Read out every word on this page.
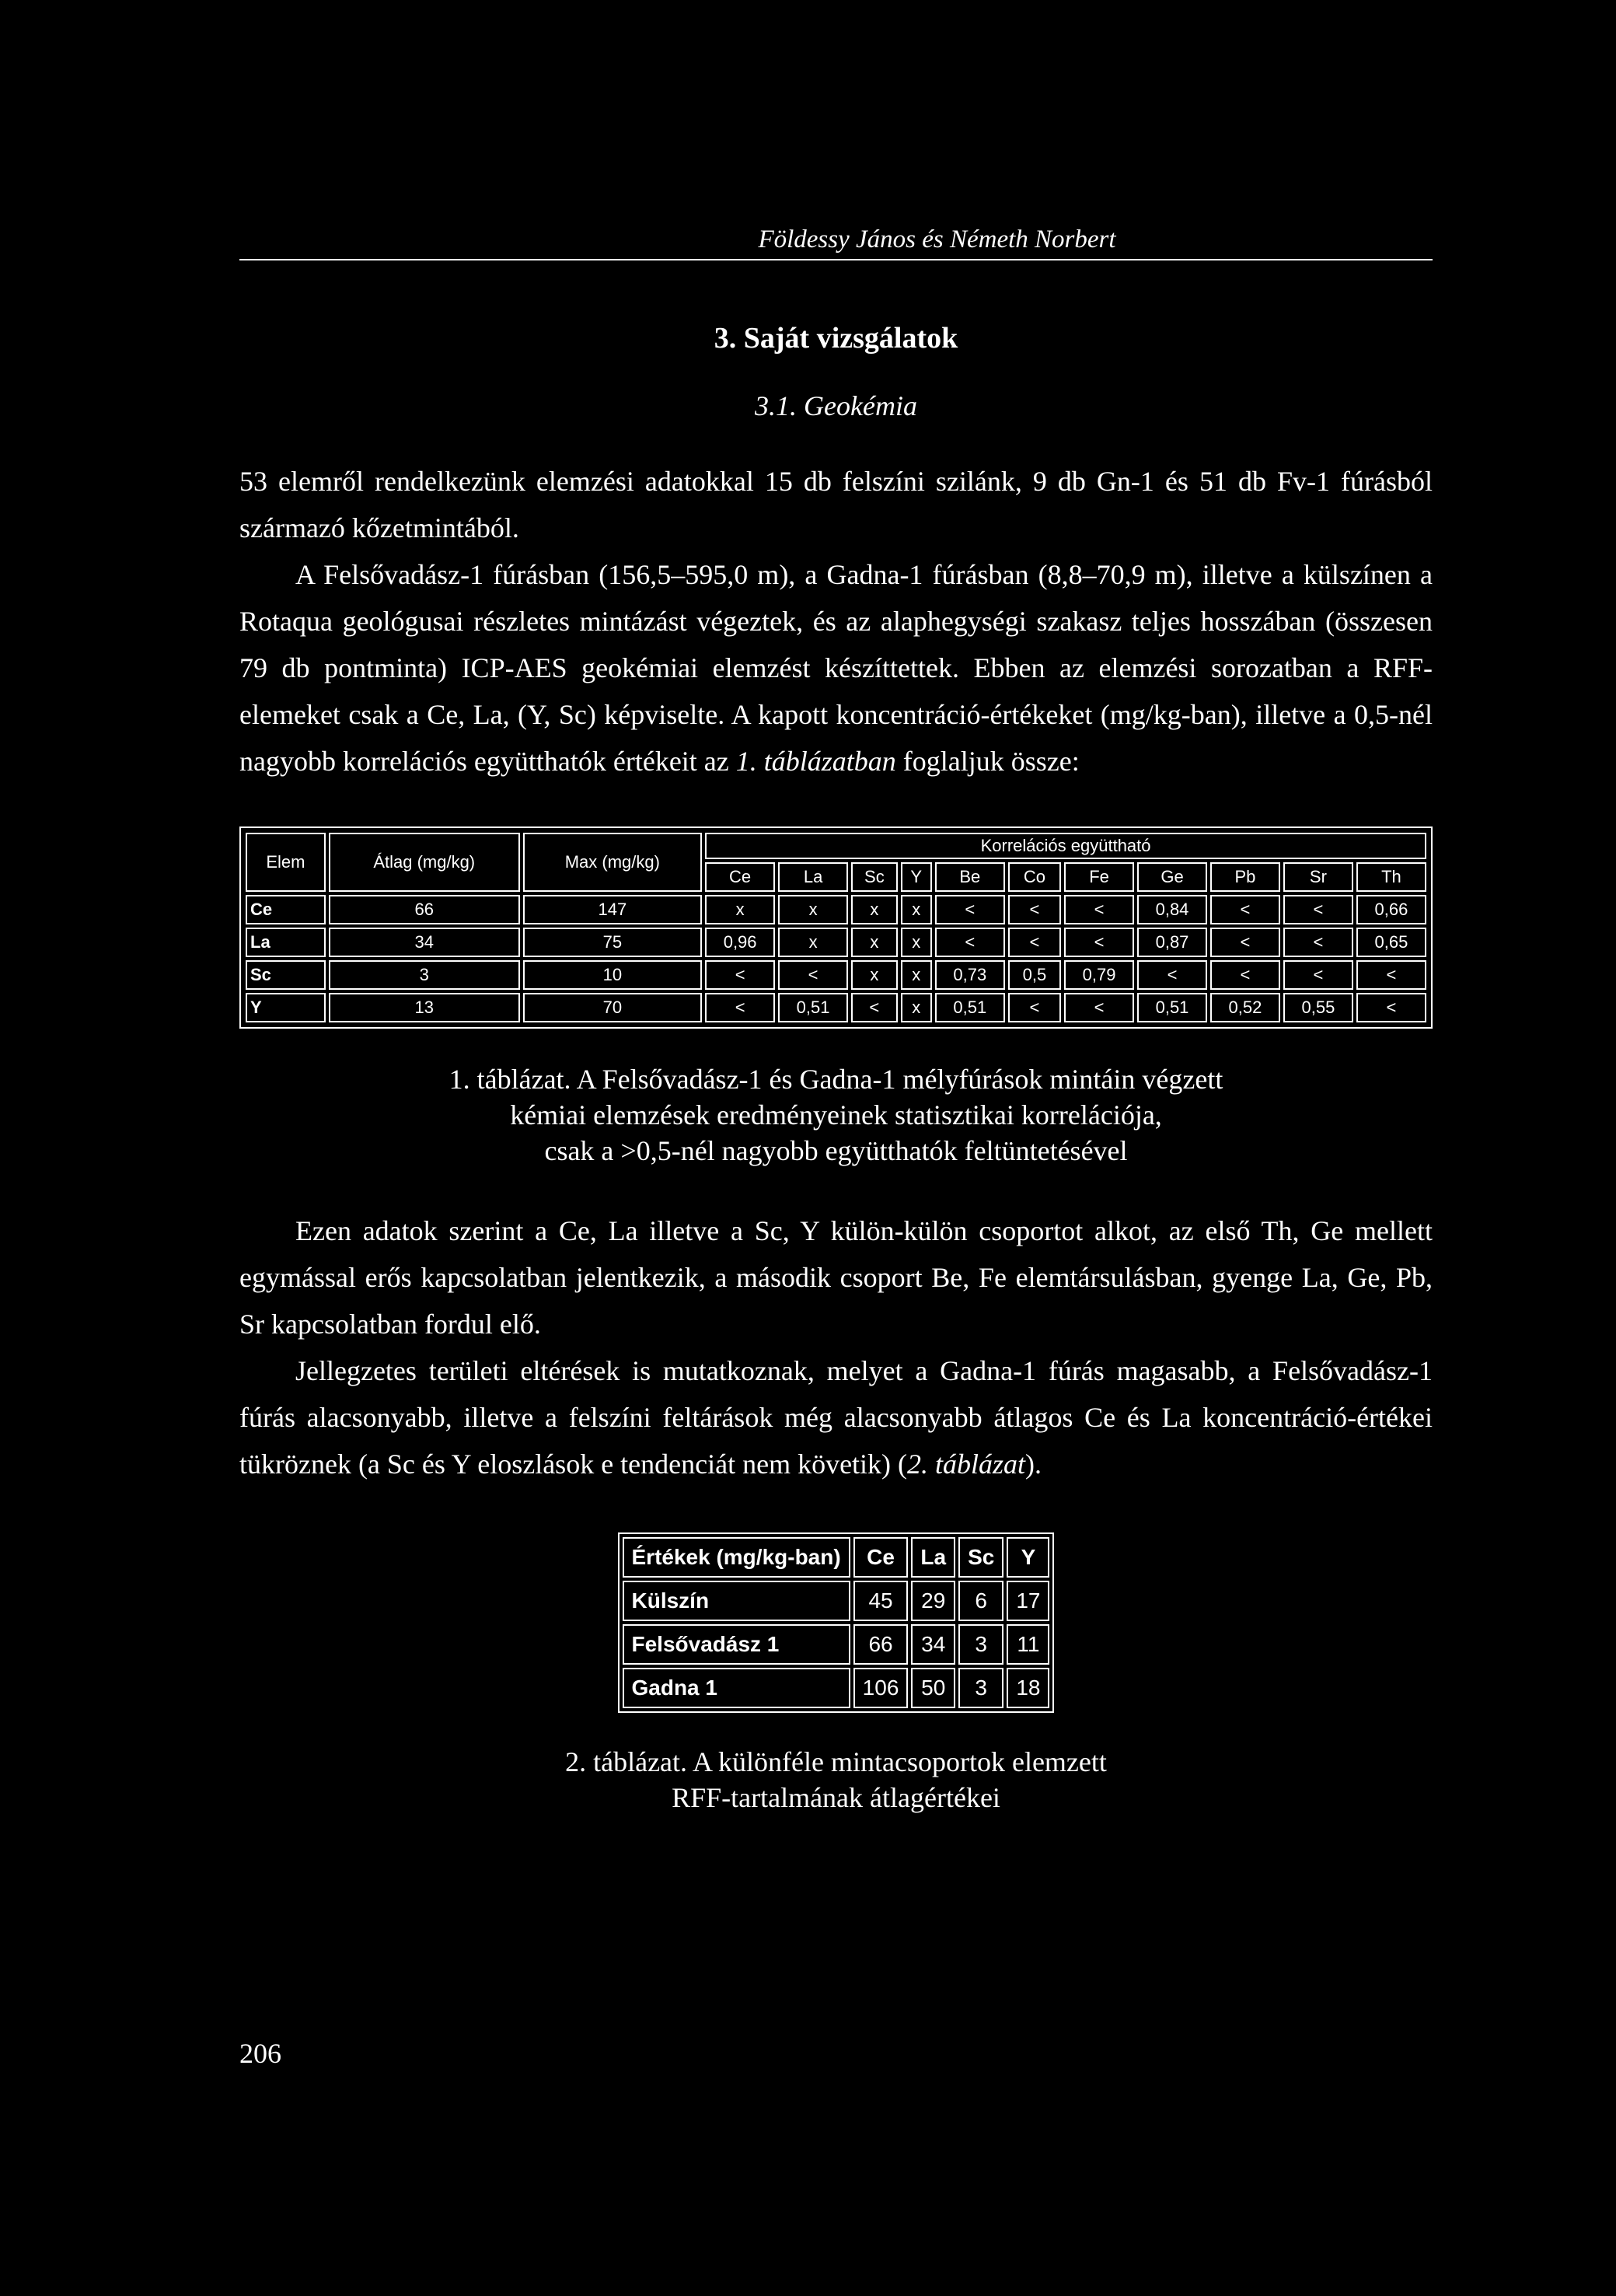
Földessy János és Németh Norbert
3. Saját vizsgálatok
3.1. Geokémia

53 elemről rendelkezünk elemzési adatokkal 15 db felszíni szilánk, 9 db Gn-1 és 51 db Fv-1 fúrásból származó kőzetmintából.

A Felsővadász-1 fúrásban (156,5–595,0 m), a Gadna-1 fúrásban (8,8–70,9 m), illetve a külszínen a Rotaqua geológusai részletes mintázást végeztek, és az alaphegységi szakasz teljes hosszában (összesen 79 db pontminta) ICP-AES geokémiai elemzést készíttettek. Ebben az elemzési sorozatban a RFF-elemeket csak a Ce, La, (Y, Sc) képviselte. A kapott koncentráció-értékeket (mg/kg-ban), illetve a 0,5-nél nagyobb korrelációs együtthatók értékeit az 1. táblázatban foglaljuk össze:

Elem	Átlag (mg/kg)	Max (mg/kg)	Korrelációs együttható										
			Ce	La	Sc	Y	Be	Co	Fe	Ge	Pb	Sr	Th
Ce	66	147	x	x	x	x	<	<	<	0,84	<	<	0,66
La	34	75	0,96	x	x	x	<	<	<	0,87	<	<	0,65
Sc	3	10	<	<	x	x	0,73	0,5	0,79	<	<	<	<
Y	13	70	<	0,51	<	x	0,51	<	<	0,51	0,52	0,55	<
1. táblázat. A Felsővadász-1 és Gadna-1 mélyfúrások mintáin végzett
kémiai elemzések eredményeinek statisztikai korrelációja,
csak a >0,5-nél nagyobb együtthatók feltüntetésével

Ezen adatok szerint a Ce, La illetve a Sc, Y külön-külön csoportot alkot, az első Th, Ge mellett egymással erős kapcsolatban jelentkezik, a második csoport Be, Fe elemtársulásban, gyenge La, Ge, Pb, Sr kapcsolatban fordul elő.

Jellegzetes területi eltérések is mutatkoznak, melyet a Gadna-1 fúrás magasabb, a Felsővadász-1 fúrás alacsonyabb, illetve a felszíni feltárások még alacsonyabb átlagos Ce és La koncentráció-értékei tükröznek (a Sc és Y eloszlások e tendenciát nem követik) (2. táblázat).

Értékek (mg/kg-ban)	Ce	La	Sc	Y
Külszín	45	29	6	17
Felsővadász 1	66	34	3	11
Gadna 1	106	50	3	18
2. táblázat. A különféle mintacsoportok elemzett
RFF-tartalmának átlagértékei
206
